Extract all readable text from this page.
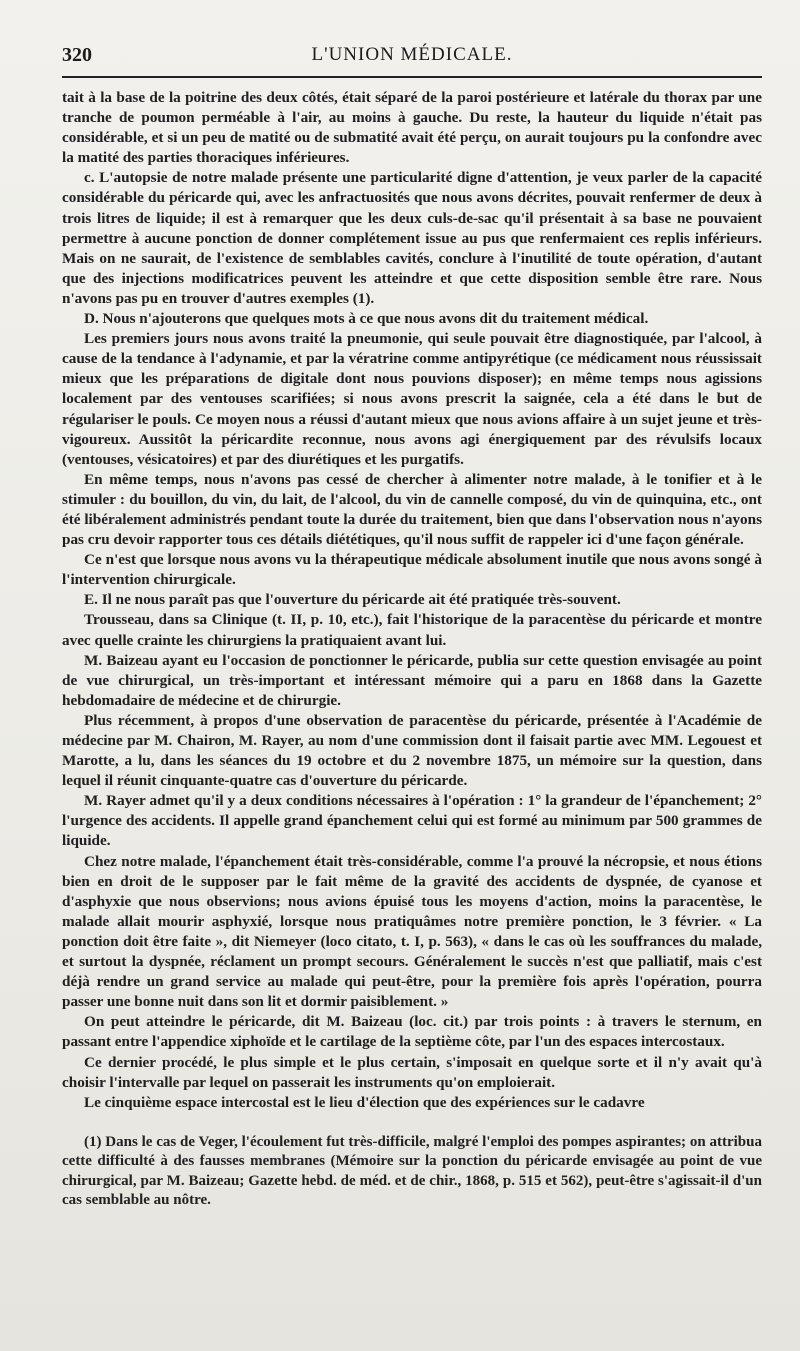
320	L'UNION MÉDICALE.

tait à la base de la poitrine des deux côtés, était séparé de la paroi postérieure et latérale du thorax par une tranche de poumon perméable à l'air, au moins à gauche. Du reste, la hauteur du liquide n'était pas considérable, et si un peu de matité ou de submatité avait été perçu, on aurait toujours pu la confondre avec la matité des parties thoraciques inférieures.

c. L'autopsie de notre malade présente une particularité digne d'attention, je veux parler de la capacité considérable du péricarde qui, avec les anfractuosités que nous avons décrites, pouvait renfermer de deux à trois litres de liquide; il est à remarquer que les deux culs-de-sac qu'il présentait à sa base ne pouvaient permettre à aucune ponction de donner complétement issue au pus que renfermaient ces replis inférieurs. Mais on ne saurait, de l'existence de semblables cavités, conclure à l'inutilité de toute opération, d'autant que des injections modificatrices peuvent les atteindre et que cette disposition semble être rare. Nous n'avons pas pu en trouver d'autres exemples (1).

D. Nous n'ajouterons que quelques mots à ce que nous avons dit du traitement médical.

Les premiers jours nous avons traité la pneumonie, qui seule pouvait être diagnostiquée, par l'alcool, à cause de la tendance à l'adynamie, et par la vératrine comme antipyrétique (ce médicament nous réussissait mieux que les préparations de digitale dont nous pouvions disposer); en même temps nous agissions localement par des ventouses scarifiées; si nous avons prescrit la saignée, cela a été dans le but de régulariser le pouls. Ce moyen nous a réussi d'autant mieux que nous avions affaire à un sujet jeune et très-vigoureux. Aussitôt la péricardite reconnue, nous avons agi énergiquement par des révulsifs locaux (ventouses, vésicatoires) et par des diurétiques et les purgatifs.

En même temps, nous n'avons pas cessé de chercher à alimenter notre malade, à le tonifier et à le stimuler : du bouillon, du vin, du lait, de l'alcool, du vin de cannelle composé, du vin de quinquina, etc., ont été libéralement administrés pendant toute la durée du traitement, bien que dans l'observation nous n'ayons pas cru devoir rapporter tous ces détails diététiques, qu'il nous suffit de rappeler ici d'une façon générale.

Ce n'est que lorsque nous avons vu la thérapeutique médicale absolument inutile que nous avons songé à l'intervention chirurgicale.

E. Il ne nous paraît pas que l'ouverture du péricarde ait été pratiquée très-souvent.

Trousseau, dans sa Clinique (t. II, p. 10, etc.), fait l'historique de la paracentèse du péricarde et montre avec quelle crainte les chirurgiens la pratiquaient avant lui.

M. Baizeau ayant eu l'occasion de ponctionner le péricarde, publia sur cette question envisagée au point de vue chirurgical, un très-important et intéressant mémoire qui a paru en 1868 dans la Gazette hebdomadaire de médecine et de chirurgie.

Plus récemment, à propos d'une observation de paracentèse du péricarde, présentée à l'Académie de médecine par M. Chairon, M. Rayer, au nom d'une commission dont il faisait partie avec MM. Legouest et Marotte, a lu, dans les séances du 19 octobre et du 2 novembre 1875, un mémoire sur la question, dans lequel il réunit cinquante-quatre cas d'ouverture du péricarde.

M. Rayer admet qu'il y a deux conditions nécessaires à l'opération : 1° la grandeur de l'épanchement; 2° l'urgence des accidents. Il appelle grand épanchement celui qui est formé au minimum par 500 grammes de liquide.

Chez notre malade, l'épanchement était très-considérable, comme l'a prouvé la nécropsie, et nous étions bien en droit de le supposer par le fait même de la gravité des accidents de dyspnée, de cyanose et d'asphyxie que nous observions; nous avions épuisé tous les moyens d'action, moins la paracentèse, le malade allait mourir asphyxié, lorsque nous pratiquâmes notre première ponction, le 3 février. « La ponction doit être faite », dit Niemeyer (loco citato, t. I, p. 563), « dans le cas où les souffrances du malade, et surtout la dyspnée, réclament un prompt secours. Généralement le succès n'est que palliatif, mais c'est déjà rendre un grand service au malade qui peut-être, pour la première fois après l'opération, pourra passer une bonne nuit dans son lit et dormir paisiblement. »

On peut atteindre le péricarde, dit M. Baizeau (loc. cit.) par trois points : à travers le sternum, en passant entre l'appendice xiphoïde et le cartilage de la septième côte, par l'un des espaces intercostaux.

Ce dernier procédé, le plus simple et le plus certain, s'imposait en quelque sorte et il n'y avait qu'à choisir l'intervalle par lequel on passerait les instruments qu'on emploierait.

Le cinquième espace intercostal est le lieu d'élection que des expériences sur le cadavre

(1) Dans le cas de Veger, l'écoulement fut très-difficile, malgré l'emploi des pompes aspirantes; on attribua cette difficulté à des fausses membranes (Mémoire sur la ponction du péricarde envisagée au point de vue chirurgical, par M. Baizeau; Gazette hebd. de méd. et de chir., 1868, p. 515 et 562), peut-être s'agissait-il d'un cas semblable au nôtre.
